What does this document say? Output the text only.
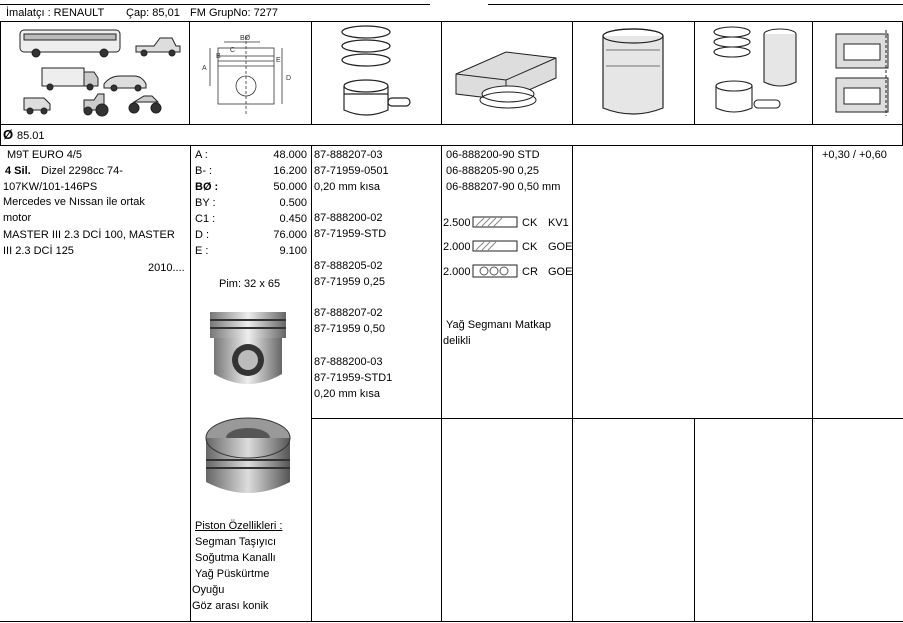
İmalatçı : RENAULT Çap: 85,01 FM GrupNo: 7277
BØ
A
B
E
D
C
Ø 85.01
M9T EURO 4/5
4 Sil. Dizel 2298cc 74-
107KW/101-146PS
Mercedes ve Nıssan ile ortak
motor
MASTER III 2.3 DCİ 100, MASTER
III 2.3 DCİ 125
2010....
A :	48.000
B- :	16.200
BØ :	50.000
BY :	0.500
C1 :	0.450
D :	76.000
E :	9.100
Pim: 32 x 65
Piston Özellikleri :
Segman Taşıyıcı
Soğutma Kanallı
Yağ Püskürtme
Oyuğu
Göz arası konik
87-888207-03
87-71959-0501
0,20 mm kısa
87-888200-02
87-71959-STD
87-888205-02
87-71959 0,25
87-888207-02
87-71959 0,50
87-888200-03
87-71959-STD1
0,20 mm kısa
06-888200-90 STD
06-888205-90 0,25
06-888207-90 0,50 mm
2.500	CK KV1
2.000	CK GOE
2.000	CR GOE
Yağ Segmanı Matkap
delikli
+0,30 / +0,60
